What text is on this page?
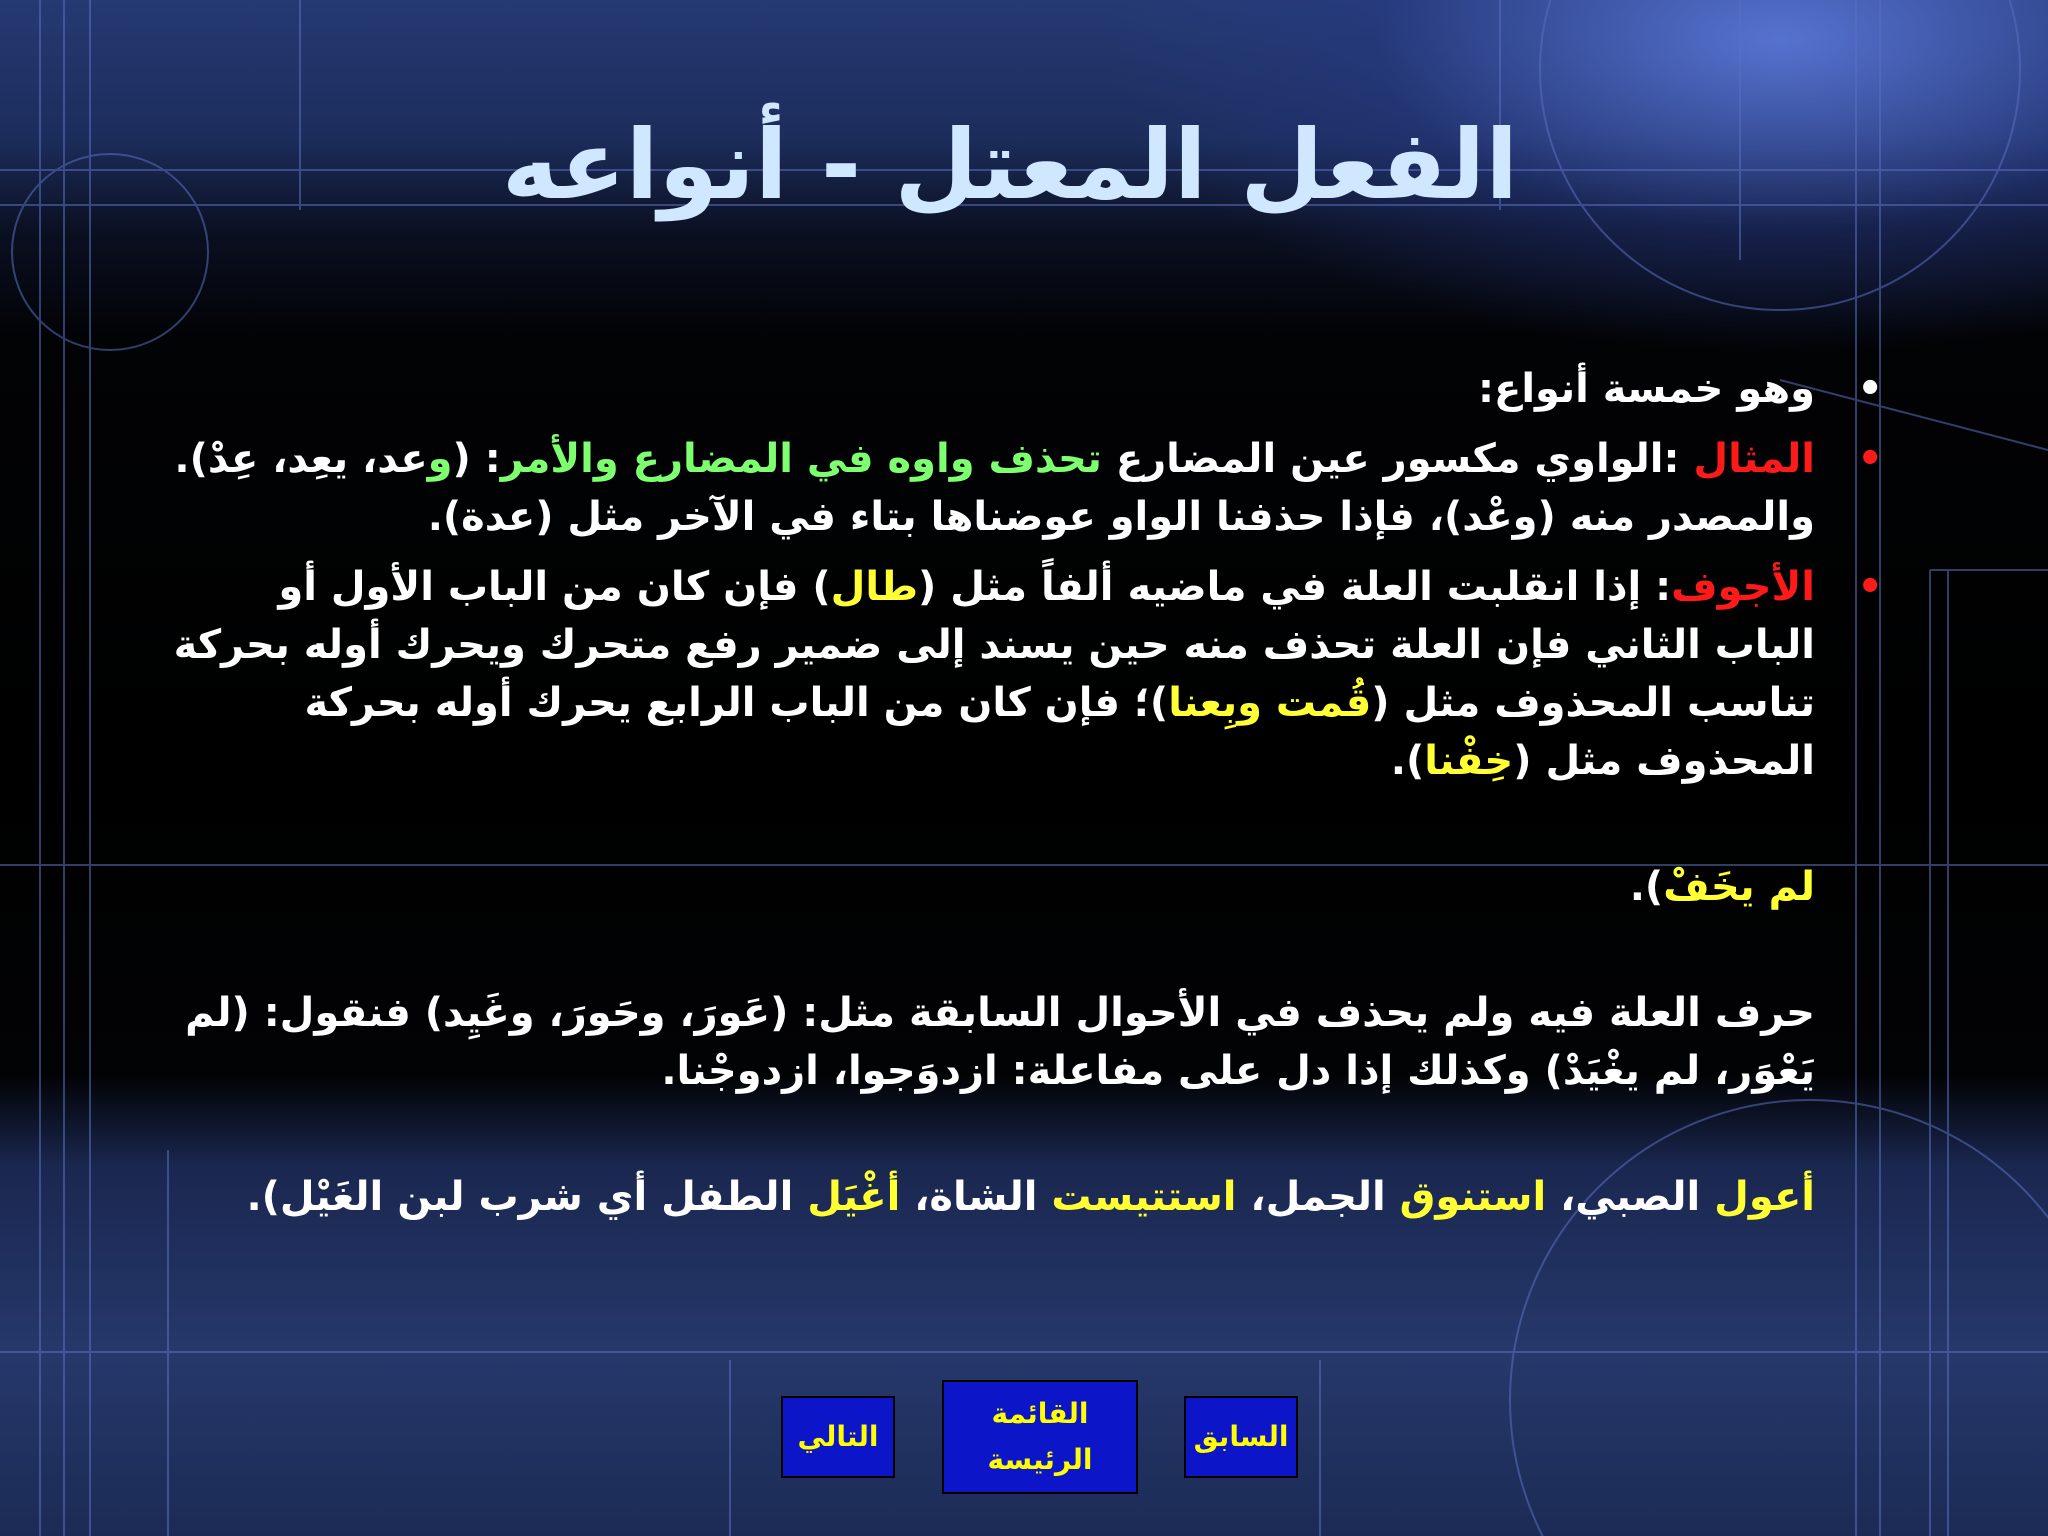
الفعل المعتل - أنواعه

• وهو خمسة أنواع:

• المثال :الواوي مكسور عين المضارع تحذف واوه في المضارع والأمر: (وعد، يعِد، عِدْ). والمصدر منه (وعْد)، فإذا حذفنا الواو عوضناها بتاء في الآخر مثل (عدة).

• الأجوف: إذا انقلبت العلة في ماضيه ألفاً مثل (طال) فإن كان من الباب الأول أو الباب الثاني فإن العلة تحذف منه حين يسند إلى ضمير رفع متحرك ويحرك أوله بحركة تناسب المحذوف مثل (قُمت وبِعنا)؛ فإن كان من الباب الرابع يحرك أوله بحركة المحذوف مثل (خِفْنا).

لم يخَفْ).

حرف العلة فيه ولم يحذف في الأحوال السابقة مثل: (عَورَ، وحَورَ، وغَيِد) فنقول: (لم يَعْوَر، لم يغْيَدْ) وكذلك إذا دل على مفاعلة: ازدوَجوا، ازدوجْنا.

أعول الصبي، استنوق الجمل، استتيست الشاة، أغْيَل الطفل أي شرب لبن الغَيْل).

التالي
القائمة
الرئيسة
السابق
